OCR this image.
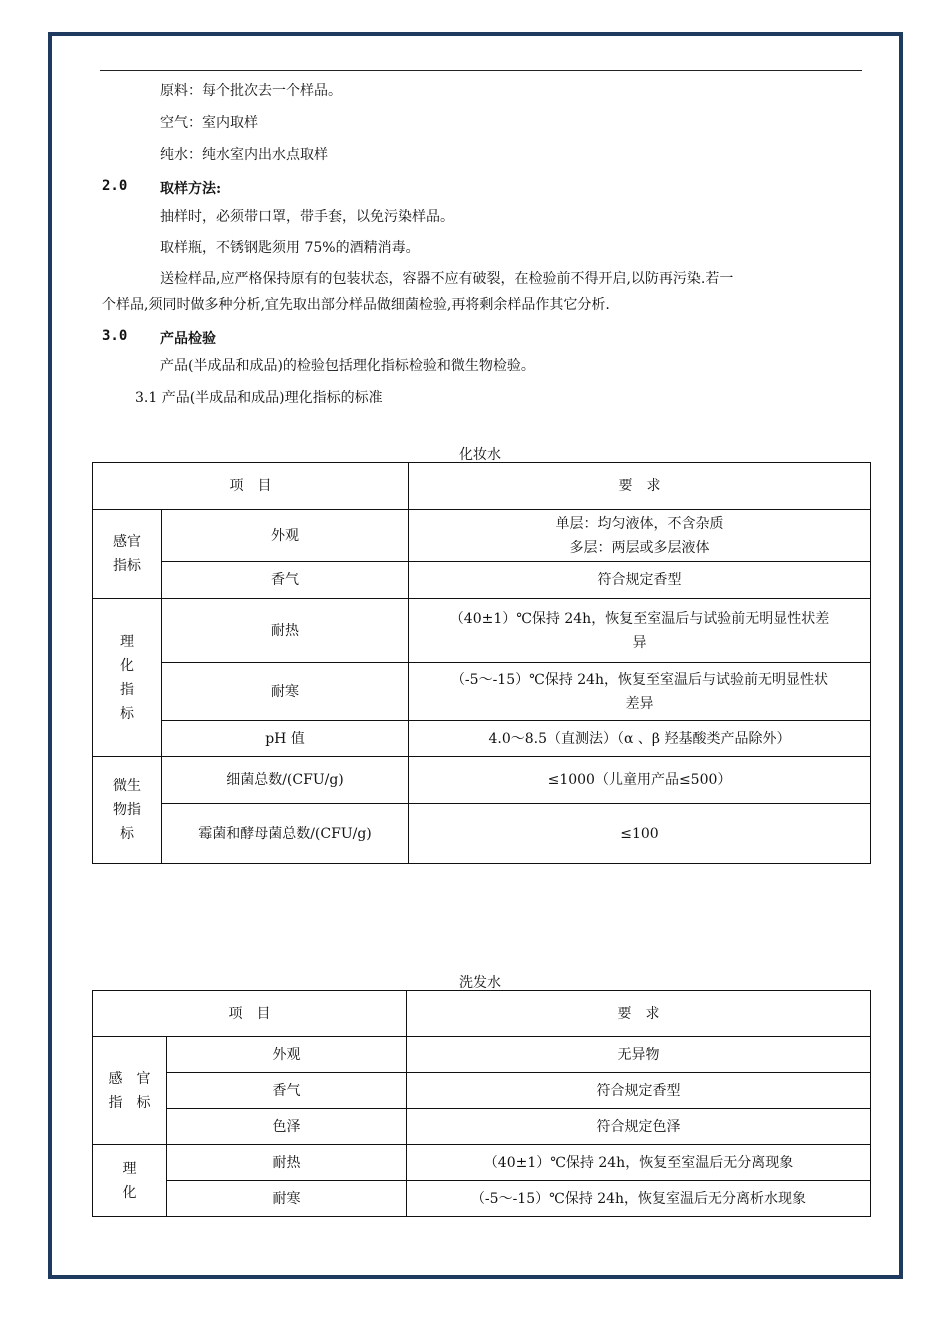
原料：每个批次去一个样品。
空气：室内取样
纯水：纯水室内出水点取样
2.0 取样方法:
抽样时，必须带口罩，带手套，以免污染样品。
取样瓶，不锈钢匙须用 75%的酒精消毒。
送检样品,应严格保持原有的包装状态，容器不应有破裂，在检验前不得开启,以防再污染.若一
个样品,须同时做多种分析,宜先取出部分样品做细菌检验,再将剩余样品作其它分析.
3.0 产品检验
产品(半成品和成品)的检验包括理化指标检验和微生物检验。
3.1 产品(半成品和成品)理化指标的标准
化妆水
项　目		要　求
感官指标	外观	单层：均匀液体，不含杂质
多层：两层或多层液体

	香气	符合规定香型
理化指标	耐热	（40±1）℃保持 24h，恢复至室温后与试验前无明显性状差
异

	耐寒	（-5～-15）℃保持 24h，恢复至室温后与试验前无明显性状
差异

	pH 值	4.0～8.5（直测法）（α 、β 羟基酸类产品除外）
微生物指标	细菌总数/(CFU/g)	≤1000（儿童用产品≤500）
	霉菌和酵母菌总数/(CFU/g)	≤100
洗发水
项　目		要　求

感　官
指　标	外观	无异物
	香气	符合规定香型
	色泽	符合规定色泽

理
化	耐热	（40±1）℃保持 24h，恢复至室温后无分离现象
	耐寒	（-5～-15）℃保持 24h，恢复室温后无分离析水现象
